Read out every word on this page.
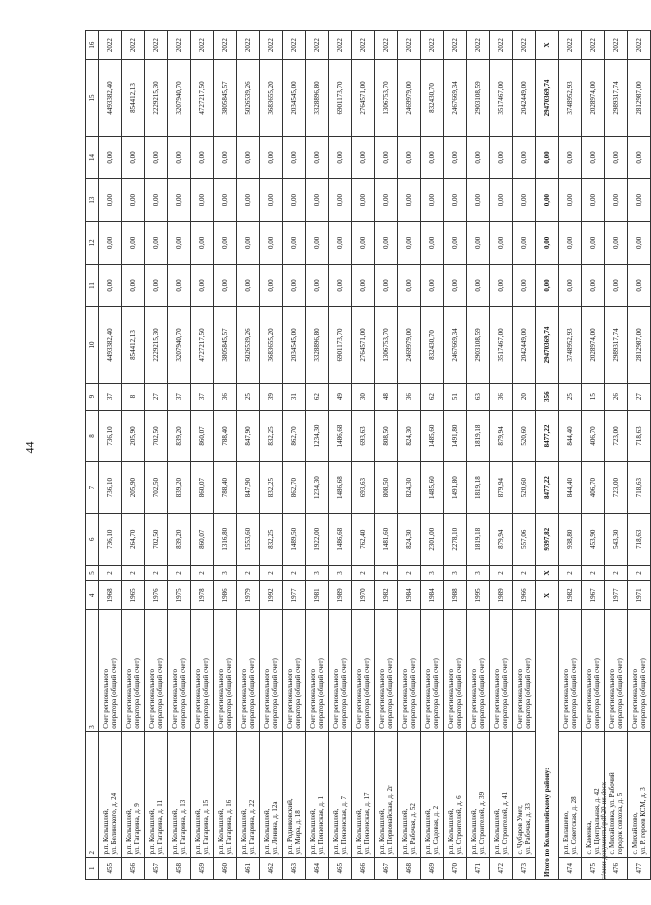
44
c:\мои документы\pdf\20-ия.docx
1	2	3	4	5	6	7	8	9	10	11	12	13	14	15	16
455	р.п. Колышлей,
ул. Белинского, д. 24	Счет регионального
оператора (общий счет)	1968	2	736,10	736,10	736,10	37	4493382,40	0,00	0,00	0,00	0,00	4493382,40	2022
456	р.п. Колышлей,
ул. Гагарина, д. 9	Счет регионального
оператора (общий счет)	1965	2	264,70	205,90	205,90	8	854412,13	0,00	0,00	0,00	0,00	854412,13	2022
457	р.п. Колышлей,
ул. Гагарина, д. 11	Счет регионального
оператора (общий счет)	1976	2	702,50	702,50	702,50	27	2229215,30	0,00	0,00	0,00	0,00	2229215,30	2022
458	р.п. Колышлей,
ул. Гагарина, д. 13	Счет регионального
оператора (общий счет)	1975	2	839,20	839,20	839,20	37	3207940,70	0,00	0,00	0,00	0,00	3207940,70	2022
459	р.п. Колышлей,
ул. Гагарина, д. 15	Счет регионального
оператора (общий счет)	1978	2	860,07	860,07	860,07	37	4727217,50	0,00	0,00	0,00	0,00	4727217,50	2022
460	р.п. Колышлей,
ул. Гагарина, д. 16	Счет регионального
оператора (общий счет)	1986	3	1316,80	788,40	788,40	36	3805845,57	0,00	0,00	0,00	0,00	3805845,57	2022
461	р.п. Колышлей,
ул. Гагарина, д. 22	Счет регионального
оператора (общий счет)	1979	2	1553,60	847,90	847,90	25	5026539,26	0,00	0,00	0,00	0,00	5026539,26	2022
462	р.п. Колышлей,
ул. Ленина, д. 12а	Счет регионального
оператора (общий счет)	1992	2	832,25	832,25	832,25	39	3683655,20	0,00	0,00	0,00	0,00	3683655,20	2022
463	р.п. Родниковский,
ул. Мира, д. 18	Счет регионального
оператора (общий счет)	1977	2	1489,50	862,70	862,70	31	2034545,00	0,00	0,00	0,00	0,00	2034545,00	2022
464	р.п. Колышлей,
ул. Пензенская, д. 1	Счет регионального
оператора (общий счет)	1981	3	1922,00	1234,30	1234,30	62	3328896,80	0,00	0,00	0,00	0,00	3328896,80	2022
465	р.п. Колышлей,
ул. Пензенская, д. 7	Счет регионального
оператора (общий счет)	1989	3	1486,68	1486,68	1486,68	49	6901173,70	0,00	0,00	0,00	0,00	6901173,70	2022
466	р.п. Колышлей,
ул. Пензенская, д. 17	Счет регионального
оператора (общий счет)	1970	2	762,40	693,63	693,63	30	2764571,00	0,00	0,00	0,00	0,00	2764571,00	2022
467	р.п. Колышлей,
ул. Первомайская, д. 2г	Счет регионального
оператора (общий счет)	1982	2	1481,60	808,50	808,50	48	1306753,70	0,00	0,00	0,00	0,00	1306753,70	2022
468	р.п. Колышлей,
ул. Рабочая, д. 52	Счет регионального
оператора (общий счет)	1984	2	824,30	824,30	824,30	36	2469979,00	0,00	0,00	0,00	0,00	2469979,00	2022
469	р.п. Колышлей,
ул. Садовая, д. 2	Счет регионального
оператора (общий счет)	1984	3	2301,00	1485,60	1485,60	62	832430,70	0,00	0,00	0,00	0,00	832430,70	2022
470	р.п. Колышлей,
ул. Строителей, д. 6	Счет регионального
оператора (общий счет)	1988	3	2278,10	1491,80	1491,80	51	2467669,34	0,00	0,00	0,00	0,00	2467669,34	2022
471	р.п. Колышлей,
ул. Строителей, д. 39	Счет регионального
оператора (общий счет)	1995	3	1819,18	1819,18	1819,18	63	2903108,59	0,00	0,00	0,00	0,00	2903108,59	2022
472	р.п. Колышлей,
ул. Строителей, д. 41	Счет регионального
оператора (общий счет)	1989	2	879,94	879,94	879,94	36	3517467,00	0,00	0,00	0,00	0,00	3517467,00	2022
473	с. Чубаров Умет,
ул. Рабочая, д. 33	Счет регионального
оператора (общий счет)	1966	2	557,06	520,60	520,60	20	2042449,00	0,00	0,00	0,00	0,00	2042449,00	2022
Итого по Колышлейскому району:			X	X	9397,82	8477,22	8477,22	356	29470369,74	0,00	0,00	0,00	0,00	29470369,74	X
474	р.п. Евлашево,
ул. Советская, д. 28	Счет регионального
оператора (общий счет)	1982	2	938,80	844,40	844,40	25	3748952,93	0,00	0,00	0,00	0,00	3748952,93	2022
475	с. Каменка,
ул. Центральная, д. 42	Счет регионального
оператора (общий счет)	1967	2	453,90	406,70	406,70	15	2028974,00	0,00	0,00	0,00	0,00	2028974,00	2022
476	с. Михайловка, ул. Рабочий
городок совхоза, д. 5	Счет регионального
оператора (общий счет)	1977	2	543,30	723,00	723,00	26	2989317,74	0,00	0,00	0,00	0,00	2989317,74	2022
477	с. Михайлово,
ул. Р. героев КСМ, д. 3	Счет регионального
оператора (общий счет)	1971	2	718,63	718,63	718,63	27	2812987,00	0,00	0,00	0,00	0,00	2812987,00	2022
